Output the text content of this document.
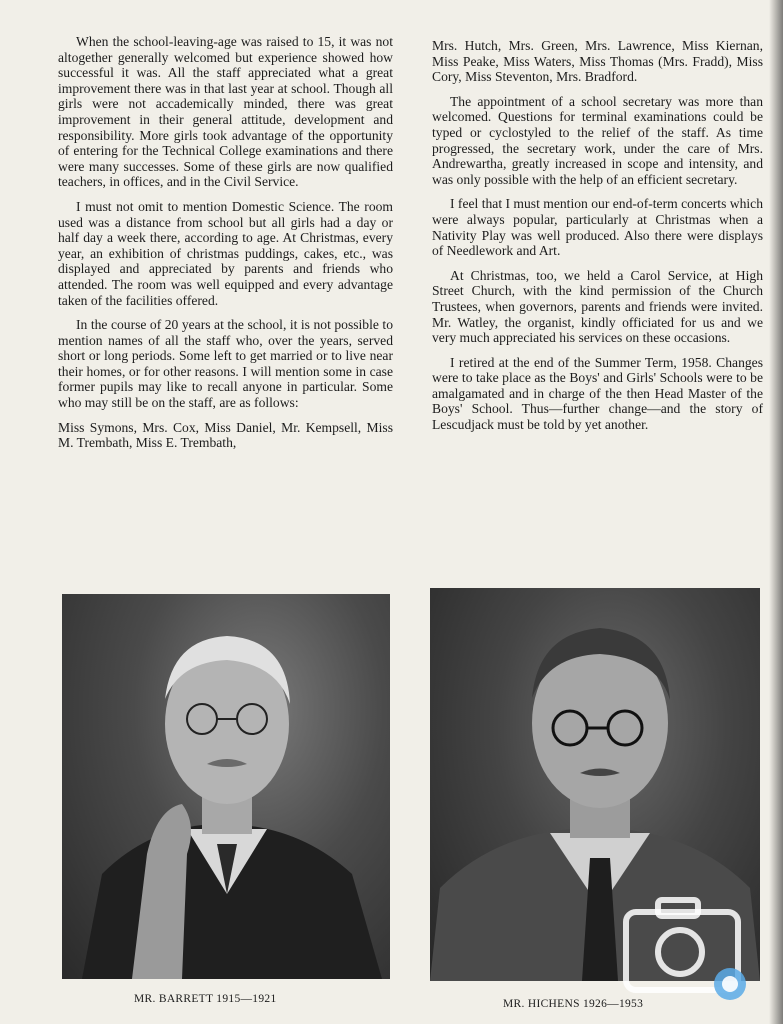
When the school-leaving-age was raised to 15, it was not altogether generally welcomed but experience showed how successful it was. All the staff appreciated what a great improvement there was in that last year at school. Though all girls were not accademically minded, there was great improvement in their general attitude, development and responsibility. More girls took advantage of the opportunity of entering for the Technical College examinations and there were many successes. Some of these girls are now qualified teachers, in offices, and in the Civil Service.

I must not omit to mention Domestic Science. The room used was a distance from school but all girls had a day or half day a week there, according to age. At Christmas, every year, an exhibition of christmas puddings, cakes, etc., was displayed and appreciated by parents and friends who attended. The room was well equipped and every advantage taken of the facilities offered.

In the course of 20 years at the school, it is not possible to mention names of all the staff who, over the years, served short or long periods. Some left to get married or to live near their homes, or for other reasons. I will mention some in case former pupils may like to recall anyone in particular. Some who may still be on the staff, are as follows:

Miss Symons, Mrs. Cox, Miss Daniel, Mr. Kempsell, Miss M. Trembath, Miss E. Trembath,

Mrs. Hutch, Mrs. Green, Mrs. Lawrence, Miss Kiernan, Miss Peake, Miss Waters, Miss Thomas (Mrs. Fradd), Miss Cory, Miss Steventon, Mrs. Bradford.

The appointment of a school secretary was more than welcomed. Questions for terminal examinations could be typed or cyclostyled to the relief of the staff. As time progressed, the secretary work, under the care of Mrs. Andrewartha, greatly increased in scope and intensity, and was only possible with the help of an efficient secretary.

I feel that I must mention our end-of-term concerts which were always popular, particularly at Christmas when a Nativity Play was well produced. Also there were displays of Needlework and Art.

At Christmas, too, we held a Carol Service, at High Street Church, with the kind permission of the Church Trustees, when governors, parents and friends were invited. Mr. Watley, the organist, kindly officiated for us and we very much appreciated his services on these occasions.

I retired at the end of the Summer Term, 1958. Changes were to take place as the Boys' and Girls' Schools were to be amalgamated and in charge of the then Head Master of the Boys' School. Thus—further change—and the story of Lescudjack must be told by yet another.

MR. BARRETT 1915—1921	MR. HICHENS 1926—1953
